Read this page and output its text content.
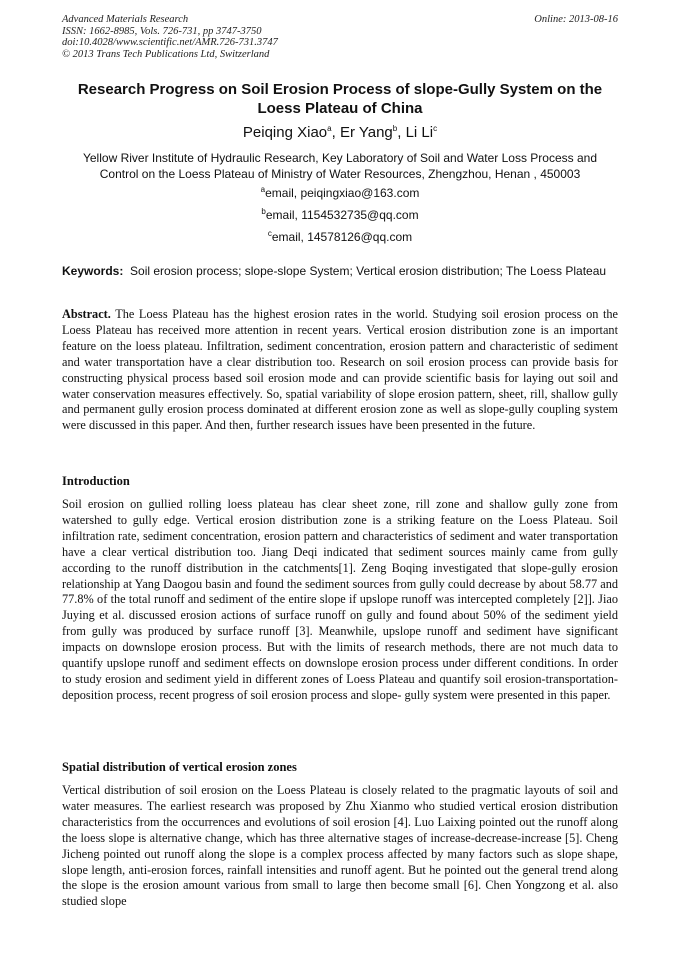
Advanced Materials Research
ISSN: 1662-8985, Vols. 726-731, pp 3747-3750
doi:10.4028/www.scientific.net/AMR.726-731.3747
© 2013 Trans Tech Publications Ltd, Switzerland
Online: 2013-08-16
Research Progress on Soil Erosion Process of slope-Gully System on the Loess Plateau of China
Peiqing Xiao$^a$, Er Yang$^b$, Li Li$^c$
Yellow River Institute of Hydraulic Research, Key Laboratory of Soil and Water Loss Process and Control on the Loess Plateau of Ministry of Water Resources, Zhengzhou, Henan , 450003
$^a$email, peiqingxiao@163.com
$^b$email, 1154532735@qq.com
$^c$email, 14578126@qq.com
Keywords: Soil erosion process; slope-slope System; Vertical erosion distribution; The Loess Plateau
Abstract. The Loess Plateau has the highest erosion rates in the world. Studying soil erosion process on the Loess Plateau has received more attention in recent years. Vertical erosion distribution zone is an important feature on the loess plateau. Infiltration, sediment concentration, erosion pattern and characteristic of sediment and water transportation have a clear distribution too. Research on soil erosion process can provide basis for constructing physical process based soil erosion mode and can provide scientific basis for laying out soil and water conservation measures effectively. So, spatial variability of slope erosion pattern, sheet, rill, shallow gully and permanent gully erosion process dominated at different erosion zone as well as slope-gully coupling system were discussed in this paper. And then, further research issues have been presented in the future.
Introduction
Soil erosion on gullied rolling loess plateau has clear sheet zone, rill zone and shallow gully zone from watershed to gully edge. Vertical erosion distribution zone is a striking feature on the Loess Plateau. Soil infiltration rate, sediment concentration, erosion pattern and characteristics of sediment and water transportation have a clear vertical distribution too. Jiang Deqi indicated that sediment sources mainly came from gully according to the runoff distribution in the catchments[1]. Zeng Boqing investigated that slope-gully erosion relationship at Yang Daogou basin and found the sediment sources from gully could decrease by about 58.77 and 77.8% of the total runoff and sediment of the entire slope if upslope runoff was intercepted completely [2]]. Jiao Juying et al. discussed erosion actions of surface runoff on gully and found about 50% of the sediment yield from gully was produced by surface runoff [3]. Meanwhile, upslope runoff and sediment have significant impacts on downslope erosion process. But with the limits of research methods, there are not much data to quantify upslope runoff and sediment effects on downslope erosion process under different conditions. In order to study erosion and sediment yield in different zones of Loess Plateau and quantify soil erosion-transportation-deposition process, recent progress of soil erosion process and slope- gully system were presented in this paper.
Spatial distribution of vertical erosion zones
Vertical distribution of soil erosion on the Loess Plateau is closely related to the pragmatic layouts of soil and water measures. The earliest research was proposed by Zhu Xianmo who studied vertical erosion distribution characteristics from the occurrences and evolutions of soil erosion [4]. Luo Laixing pointed out the runoff along the loess slope is alternative change, which has three alternative stages of increase-decrease-increase [5]. Cheng Jicheng pointed out runoff along the slope is a complex process affected by many factors such as slope shape, slope length, anti-erosion forces, rainfall intensities and runoff agent. But he pointed out the general trend along the slope is the erosion amount various from small to large then become small [6]. Chen Yongzong et al. also studied slope
